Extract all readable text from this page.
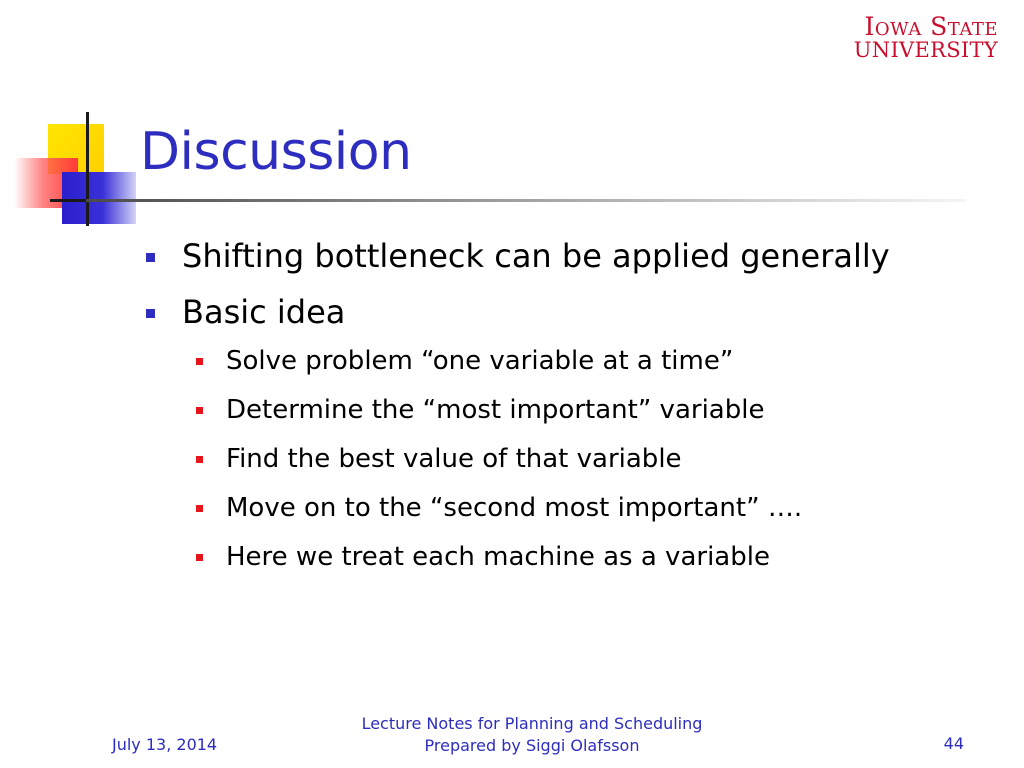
Iowa State
UNIVERSITY
Discussion
Shifting bottleneck can be applied generally
Basic idea
Solve problem “one variable at a time”
Determine the “most important” variable
Find the best value of that variable
Move on to the “second most important” ….
Here we treat each machine as a variable
July 13, 2014
Lecture Notes for Planning and Scheduling
Prepared by Siggi Olafsson	44
